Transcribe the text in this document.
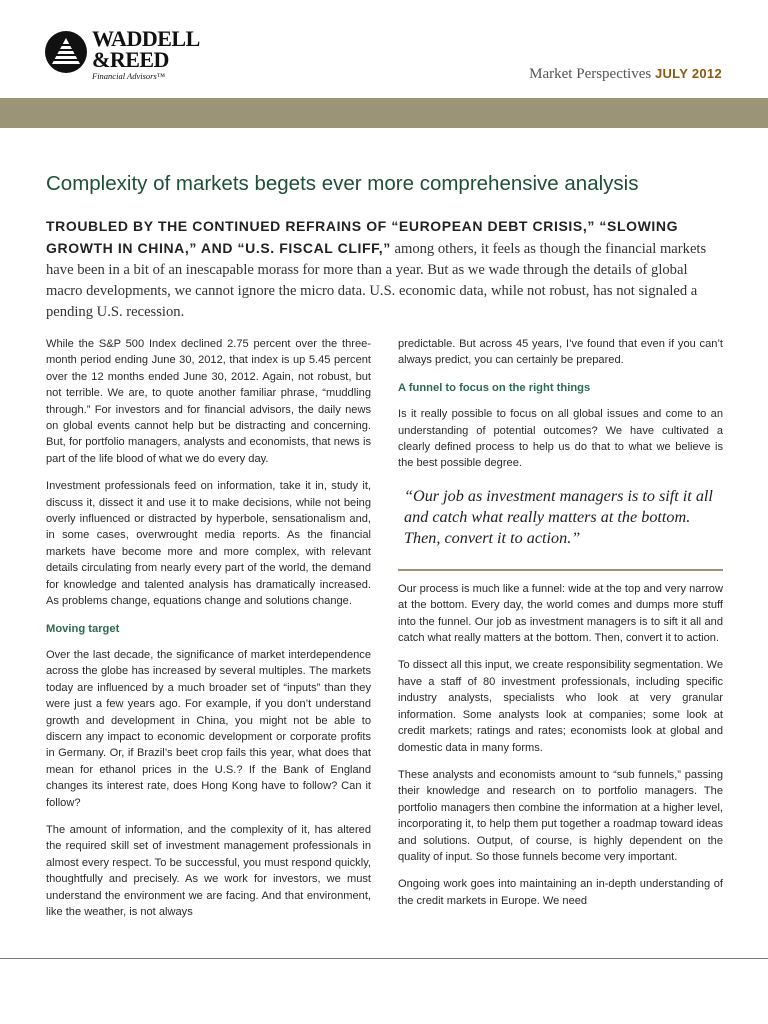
WADDELL
&REED
Financial Advisors™	Market Perspectives JULY 2012
Complexity of markets begets ever more comprehensive analysis
TROUBLED BY THE CONTINUED REFRAINS OF “EUROPEAN DEBT CRISIS,” “SLOWING GROWTH IN CHINA,” AND “U.S. FISCAL CLIFF,” among others, it feels as though the financial markets have been in a bit of an inescapable morass for more than a year. But as we wade through the details of global macro developments, we cannot ignore the micro data. U.S. economic data, while not robust, has not signaled a pending U.S. recession.

While the S&P 500 Index declined 2.75 percent over the three-month period ending June 30, 2012, that index is up 5.45 percent over the 12 months ended June 30, 2012. Again, not robust, but not terrible. We are, to quote another familiar phrase, “muddling through.” For investors and for financial advisors, the daily news on global events cannot help but be distracting and concerning. But, for portfolio managers, analysts and economists, that news is part of the life blood of what we do every day.

Investment professionals feed on information, take it in, study it, discuss it, dissect it and use it to make decisions, while not being overly influenced or distracted by hyperbole, sensationalism and, in some cases, overwrought media reports. As the financial markets have become more and more complex, with relevant details circulating from nearly every part of the world, the demand for knowledge and talented analysis has dramatically increased. As problems change, equations change and solutions change.

Moving target

Over the last decade, the significance of market interdependence across the globe has increased by several multiples. The markets today are influenced by a much broader set of “inputs” than they were just a few years ago. For example, if you don’t understand growth and development in China, you might not be able to discern any impact to economic development or corporate profits in Germany. Or, if Brazil’s beet crop fails this year, what does that mean for ethanol prices in the U.S.? If the Bank of England changes its interest rate, does Hong Kong have to follow? Can it follow?

The amount of information, and the complexity of it, has altered the required skill set of investment management professionals in almost every respect. To be successful, you must respond quickly, thoughtfully and precisely. As we work for investors, we must understand the environment we are facing. And that environment, like the weather, is not always

predictable. But across 45 years, I’ve found that even if you can’t always predict, you can certainly be prepared.

A funnel to focus on the right things

Is it really possible to focus on all global issues and come to an understanding of potential outcomes? We have cultivated a clearly defined process to help us do that to what we believe is the best possible degree.

“Our job as investment managers is to sift it all and catch what really matters at the bottom. Then, convert it to action.”

Our process is much like a funnel: wide at the top and very narrow at the bottom. Every day, the world comes and dumps more stuff into the funnel. Our job as investment managers is to sift it all and catch what really matters at the bottom. Then, convert it to action.

To dissect all this input, we create responsibility segmentation. We have a staff of 80 investment professionals, including specific industry analysts, specialists who look at very granular information. Some analysts look at companies; some look at credit markets; ratings and rates; economists look at global and domestic data in many forms.

These analysts and economists amount to “sub funnels,” passing their knowledge and research on to portfolio managers. The portfolio managers then combine the information at a higher level, incorporating it, to help them put together a roadmap toward ideas and solutions. Output, of course, is highly dependent on the quality of input. So those funnels become very important.

Ongoing work goes into maintaining an in-depth understanding of the credit markets in Europe. We need
